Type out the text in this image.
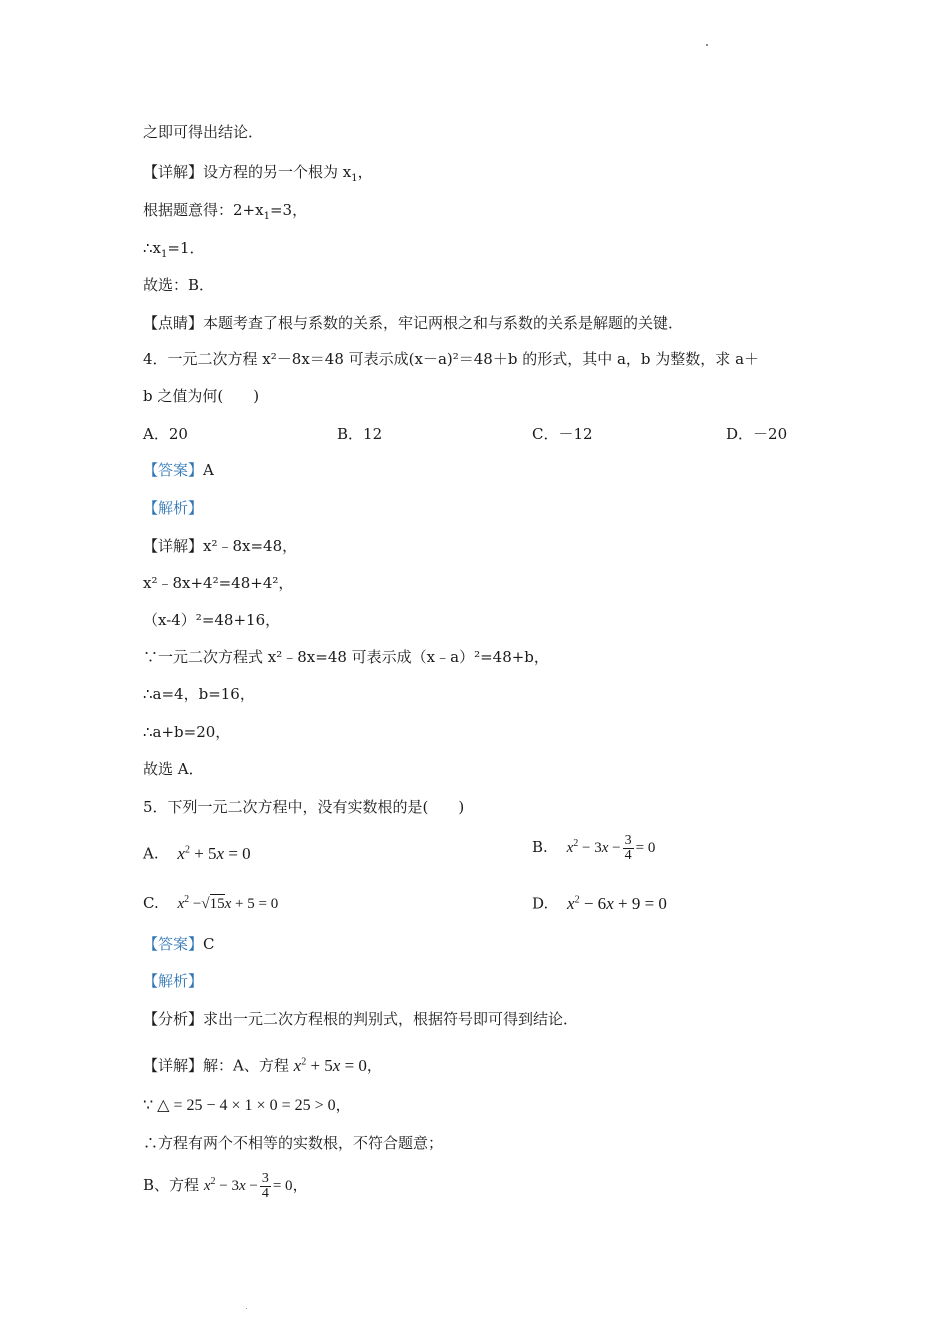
之即可得出结论．
【详解】设方程的另一个根为 $x_1$，
根据题意得：$2+x_1=3$，
$\therefore x_1=1$．
故选：B．
【点睛】本题考查了根与系数的关系，牢记两根之和与系数的关系是解题的关键．
4．一元二次方程 x²－8x＝48 可表示成(x－a)²＝48＋b 的形式，其中 a，b 为整数，求 a＋
b 之值为何(　　)
A．20	B．12	C．－12	D．－20
【答案】A
【解析】
【详解】x²﹣8x=48，
x²﹣8x+4²=48+4²，
（x-4）²=48+16，
∵一元二次方程式 x²﹣8x=48 可表示成（x﹣a）²=48+b，
∴a=4，b=16，
∴a+b=20，
故选 A．
5．下列一元二次方程中，没有实数根的是(　　)
A. $x^2 + 5x = 0$	B. $x^2 - 3x - \frac{3}{4} = 0$
C. $x^2 -√15x + 5 = 0$	D. $x^2 - 6x + 9 = 0$
【答案】C
【解析】
【分析】求出一元二次方程根的判别式，根据符号即可得到结论．
【详解】解：A、方程 $x^2 + 5x = 0$，
∵ △ = 25 − 4 × 1 × 0 = 25 > 0，
∴方程有两个不相等的实数根，不符合题意；
B、方程 $x^2 - 3x - \frac{3}{4} = 0$，
